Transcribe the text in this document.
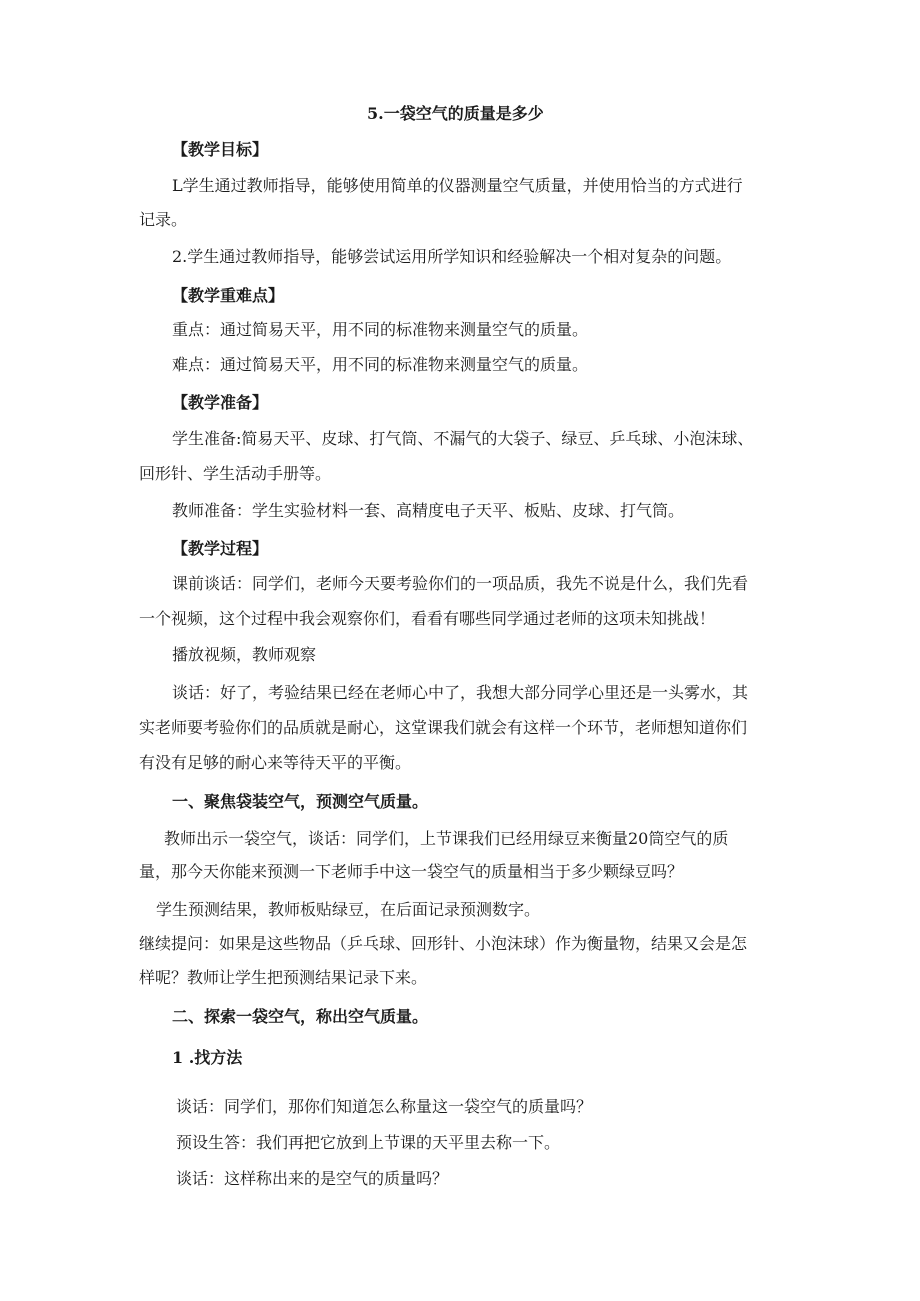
5.一袋空气的质量是多少
【教学目标】
L学生通过教师指导，能够使用简单的仪器测量空气质量，并使用恰当的方式进行
记录。
2.学生通过教师指导，能够尝试运用所学知识和经验解决一个相对复杂的问题。
【教学重难点】
重点：通过简易天平，用不同的标准物来测量空气的质量。
难点：通过简易天平，用不同的标准物来测量空气的质量。
【教学准备】
学生准备:简易天平、皮球、打气筒、不漏气的大袋子、绿豆、乒乓球、小泡沫球、
回形针、学生活动手册等。
教师准备：学生实验材料一套、高精度电子天平、板贴、皮球、打气筒。
【教学过程】
课前谈话：同学们，老师今天要考验你们的一项品质，我先不说是什么，我们先看
一个视频，这个过程中我会观察你们，看看有哪些同学通过老师的这项未知挑战！
播放视频，教师观察
谈话：好了，考验结果已经在老师心中了，我想大部分同学心里还是一头雾水，其
实老师要考验你们的品质就是耐心，这堂课我们就会有这样一个环节，老师想知道你们
有没有足够的耐心来等待天平的平衡。
一、聚焦袋装空气，预测空气质量。
教师出示一袋空气，谈话：同学们，上节课我们已经用绿豆来衡量20筒空气的质
量，那今天你能来预测一下老师手中这一袋空气的质量相当于多少颗绿豆吗？
学生预测结果，教师板贴绿豆，在后面记录预测数字。
继续提问：如果是这些物品（乒乓球、回形针、小泡沫球）作为衡量物，结果又会是怎
样呢？教师让学生把预测结果记录下来。
二、探索一袋空气，称出空气质量。
1 .找方法
谈话：同学们，那你们知道怎么称量这一袋空气的质量吗？
预设生答：我们再把它放到上节课的天平里去称一下。
谈话：这样称出来的是空气的质量吗？
